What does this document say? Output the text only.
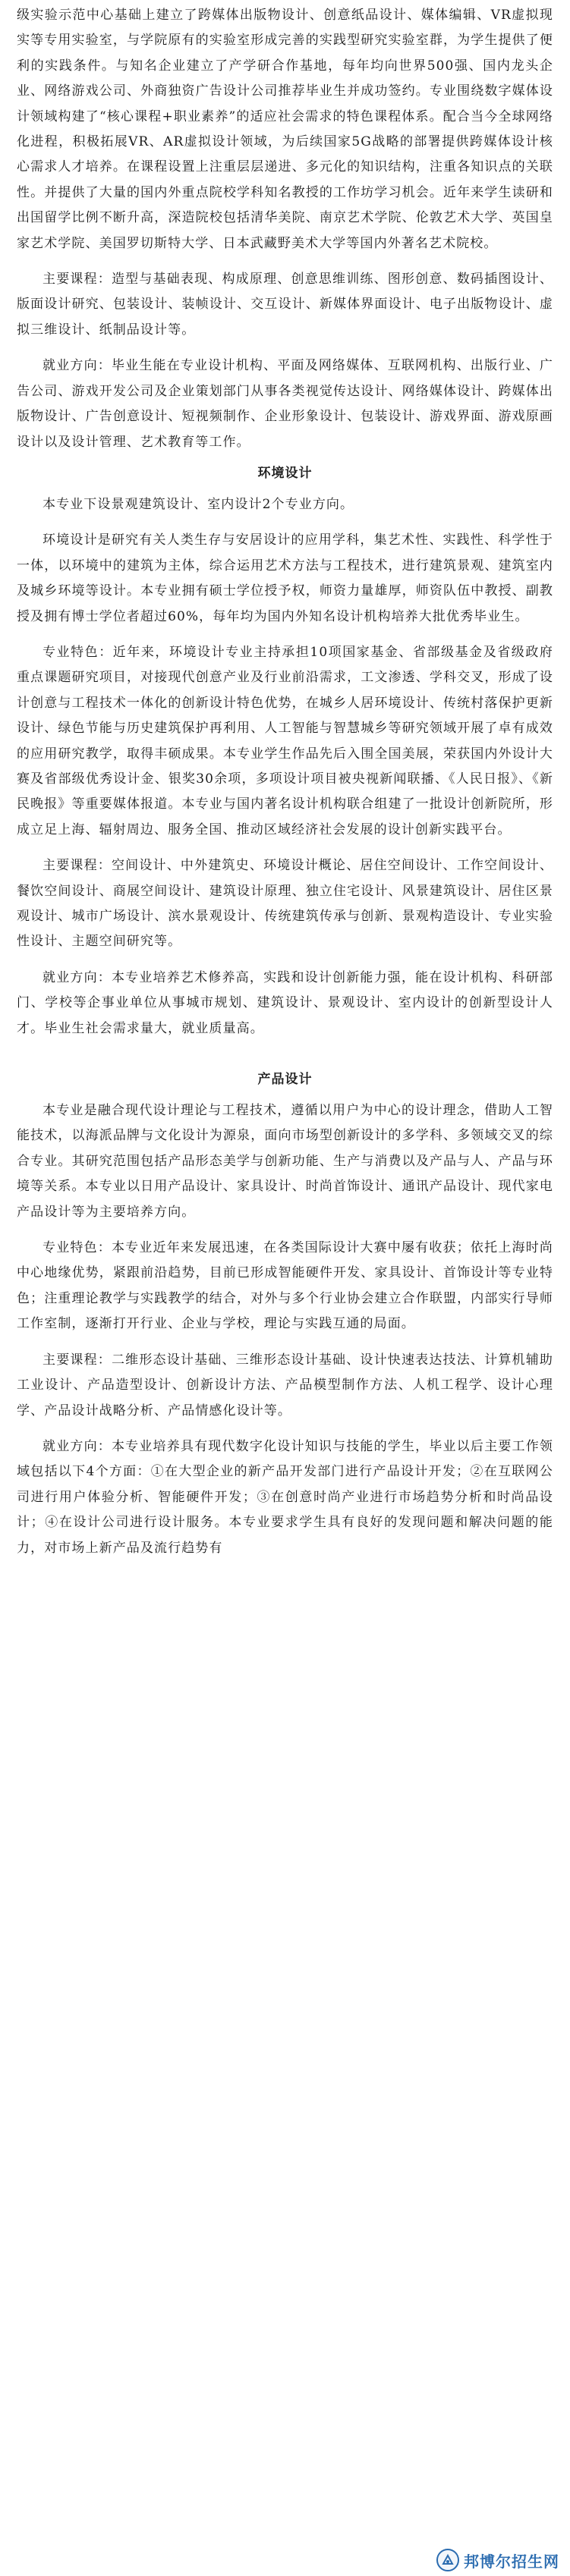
级实验示范中心基础上建立了跨媒体出版物设计、创意纸品设计、媒体编辑、VR虚拟现实等专用实验室，与学院原有的实验室形成完善的实践型研究实验室群，为学生提供了便利的实践条件。与知名企业建立了产学研合作基地，每年均向世界500强、国内龙头企业、网络游戏公司、外商独资广告设计公司推荐毕业生并成功签约。专业围绕数字媒体设计领域构建了“核心课程+职业素养”的适应社会需求的特色课程体系。配合当今全球网络化进程，积极拓展VR、AR虚拟设计领域，为后续国家5G战略的部署提供跨媒体设计核心需求人才培养。在课程设置上注重层层递进、多元化的知识结构，注重各知识点的关联性。并提供了大量的国内外重点院校学科知名教授的工作坊学习机会。近年来学生读研和出国留学比例不断升高，深造院校包括清华美院、南京艺术学院、伦敦艺术大学、英国皇家艺术学院、美国罗切斯特大学、日本武藏野美术大学等国内外著名艺术院校。

主要课程：造型与基础表现、构成原理、创意思维训练、图形创意、数码插图设计、版面设计研究、包装设计、装帧设计、交互设计、新媒体界面设计、电子出版物设计、虚拟三维设计、纸制品设计等。

就业方向：毕业生能在专业设计机构、平面及网络媒体、互联网机构、出版行业、广告公司、游戏开发公司及企业策划部门从事各类视觉传达设计、网络媒体设计、跨媒体出版物设计、广告创意设计、短视频制作、企业形象设计、包装设计、游戏界面、游戏原画设计以及设计管理、艺术教育等工作。

环境设计

本专业下设景观建筑设计、室内设计2个专业方向。

环境设计是研究有关人类生存与安居设计的应用学科，集艺术性、实践性、科学性于一体，以环境中的建筑为主体，综合运用艺术方法与工程技术，进行建筑景观、建筑室内及城乡环境等设计。本专业拥有硕士学位授予权，师资力量雄厚，师资队伍中教授、副教授及拥有博士学位者超过60%，每年均为国内外知名设计机构培养大批优秀毕业生。

专业特色：近年来，环境设计专业主持承担10项国家基金、省部级基金及省级政府重点课题研究项目，对接现代创意产业及行业前沿需求，工文渗透、学科交叉，形成了设计创意与工程技术一体化的创新设计特色优势，在城乡人居环境设计、传统村落保护更新设计、绿色节能与历史建筑保护再利用、人工智能与智慧城乡等研究领域开展了卓有成效的应用研究教学，取得丰硕成果。本专业学生作品先后入围全国美展，荣获国内外设计大赛及省部级优秀设计金、银奖30余项，多项设计项目被央视新闻联播、《人民日报》、《新民晚报》等重要媒体报道。本专业与国内著名设计机构联合组建了一批设计创新院所，形成立足上海、辐射周边、服务全国、推动区域经济社会发展的设计创新实践平台。

主要课程：空间设计、中外建筑史、环境设计概论、居住空间设计、工作空间设计、餐饮空间设计、商展空间设计、建筑设计原理、独立住宅设计、风景建筑设计、居住区景观设计、城市广场设计、滨水景观设计、传统建筑传承与创新、景观构造设计、专业实验性设计、主题空间研究等。

就业方向：本专业培养艺术修养高，实践和设计创新能力强，能在设计机构、科研部门、学校等企事业单位从事城市规划、建筑设计、景观设计、室内设计的创新型设计人才。毕业生社会需求量大，就业质量高。

产品设计

本专业是融合现代设计理论与工程技术，遵循以用户为中心的设计理念，借助人工智能技术，以海派品牌与文化设计为源泉，面向市场型创新设计的多学科、多领域交叉的综合专业。其研究范围包括产品形态美学与创新功能、生产与消费以及产品与人、产品与环境等关系。本专业以日用产品设计、家具设计、时尚首饰设计、通讯产品设计、现代家电产品设计等为主要培养方向。

专业特色：本专业近年来发展迅速，在各类国际设计大赛中屡有收获；依托上海时尚中心地缘优势，紧跟前沿趋势，目前已形成智能硬件开发、家具设计、首饰设计等专业特色；注重理论教学与实践教学的结合，对外与多个行业协会建立合作联盟，内部实行导师工作室制，逐渐打开行业、企业与学校，理论与实践互通的局面。

主要课程：二维形态设计基础、三维形态设计基础、设计快速表达技法、计算机辅助工业设计、产品造型设计、创新设计方法、产品模型制作方法、人机工程学、设计心理学、产品设计战略分析、产品情感化设计等。

就业方向：本专业培养具有现代数字化设计知识与技能的学生，毕业以后主要工作领域包括以下4个方面：①在大型企业的新产品开发部门进行产品设计开发；②在互联网公司进行用户体验分析、智能硬件开发；③在创意时尚产业进行市场趋势分析和时尚品设计；④在设计公司进行设计服务。本专业要求学生具有良好的发现问题和解决问题的能力，对市场上新产品及流行趋势有

邦博尔招生网
